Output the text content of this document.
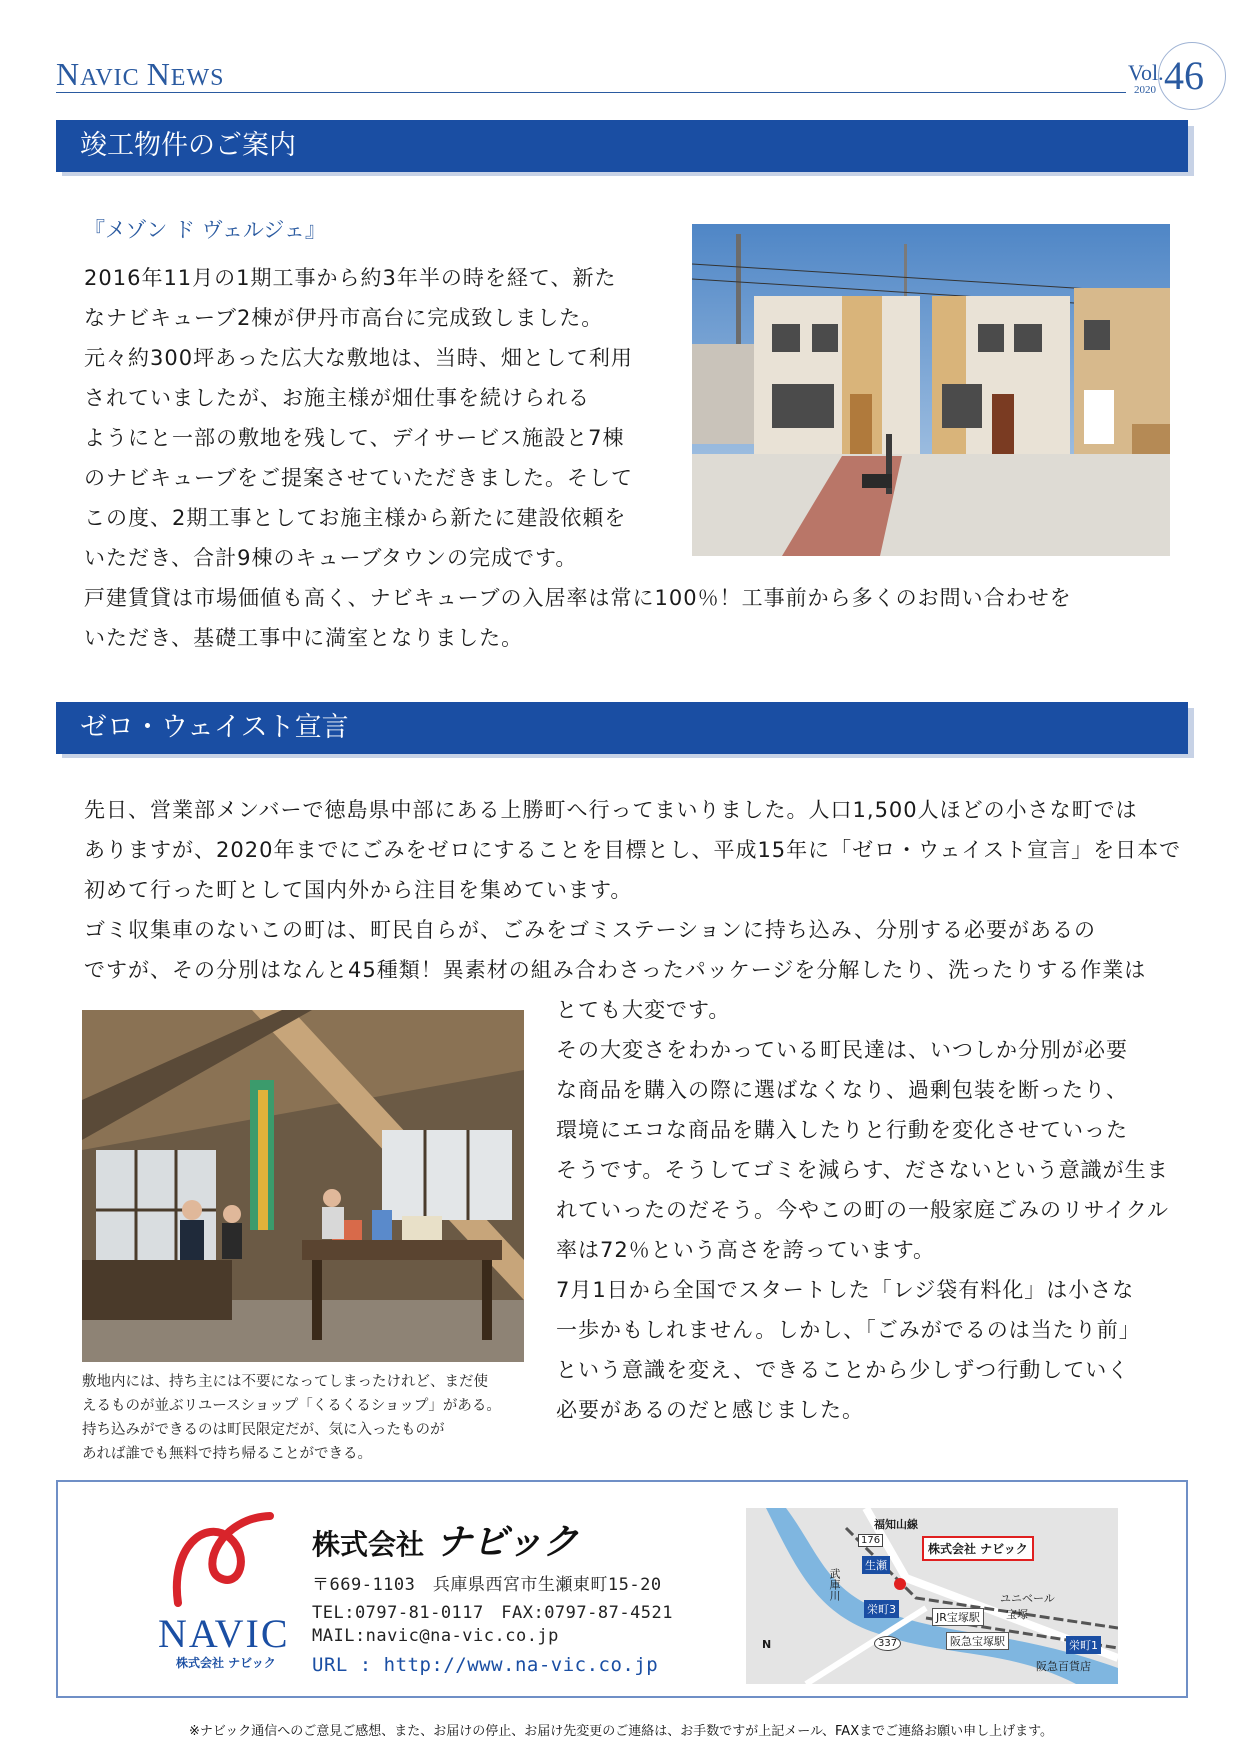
NAVIC NEWS	Vol. 46
2020
竣工物件のご案内
『メゾン ド ヴェルジェ』
2016年11月の1期工事から約3年半の時を経て、新た
なナビキューブ2棟が伊丹市高台に完成致しました。
元々約300坪あった広大な敷地は、当時、畑として利用
されていましたが、お施主様が畑仕事を続けられる
ようにと一部の敷地を残して、デイサービス施設と7棟
のナビキューブをご提案させていただきました。そして
この度、2期工事としてお施主様から新たに建設依頼を
いただき、合計9棟のキューブタウンの完成です。
戸建賃貸は市場価値も高く、ナビキューブの入居率は常に100％！工事前から多くのお問い合わせを
いただき、基礎工事中に満室となりました。
ゼロ・ウェイスト宣言
先日、営業部メンバーで徳島県中部にある上勝町へ行ってまいりました。人口1,500人ほどの小さな町では
ありますが、2020年までにごみをゼロにすることを目標とし、平成15年に「ゼロ・ウェイスト宣言」を日本で
初めて行った町として国内外から注目を集めています。
ゴミ収集車のないこの町は、町民自らが、ごみをゴミステーションに持ち込み、分別する必要があるの
ですが、その分別はなんと45種類！異素材の組み合わさったパッケージを分解したり、洗ったりする作業は
敷地内には、持ち主には不要になってしまったけれど、まだ使
えるものが並ぶリユースショップ「くるくるショップ」がある。
持ち込みができるのは町民限定だが、気に入ったものが
あれば誰でも無料で持ち帰ることができる。
とても大変です。
その大変さをわかっている町民達は、いつしか分別が必要
な商品を購入の際に選ばなくなり、過剰包装を断ったり、
環境にエコな商品を購入したりと行動を変化させていった
そうです。そうしてゴミを減らす、ださないという意識が生ま
れていったのだそう。今やこの町の一般家庭ごみのリサイクル
率は72％という高さを誇っています。
7月1日から全国でスタートした「レジ袋有料化」は小さな
一歩かもしれません。しかし、「ごみがでるのは当たり前」
という意識を変え、できることから少しずつ行動していく
必要があるのだと感じました。
NAVIC
株式会社 ナビック
株式会社 ナビック
〒669-1103　兵庫県西宮市生瀬東町15-20
TEL:0797-81-0117　FAX:0797-87-4521
MAIL:navic@na-vic.co.jp
URL : http://www.na-vic.co.jp
株式会社 ナビック
福知山線
武庫川
生瀬
栄町3
JR宝塚駅
ユニベール
宝塚
阪急宝塚駅	栄町1
阪急百貨店
176
337
N
※ナビック通信へのご意見ご感想、また、お届けの停止、お届け先変更のご連絡は、お手数ですが上記メール、FAXまでご連絡お願い申し上げます。
